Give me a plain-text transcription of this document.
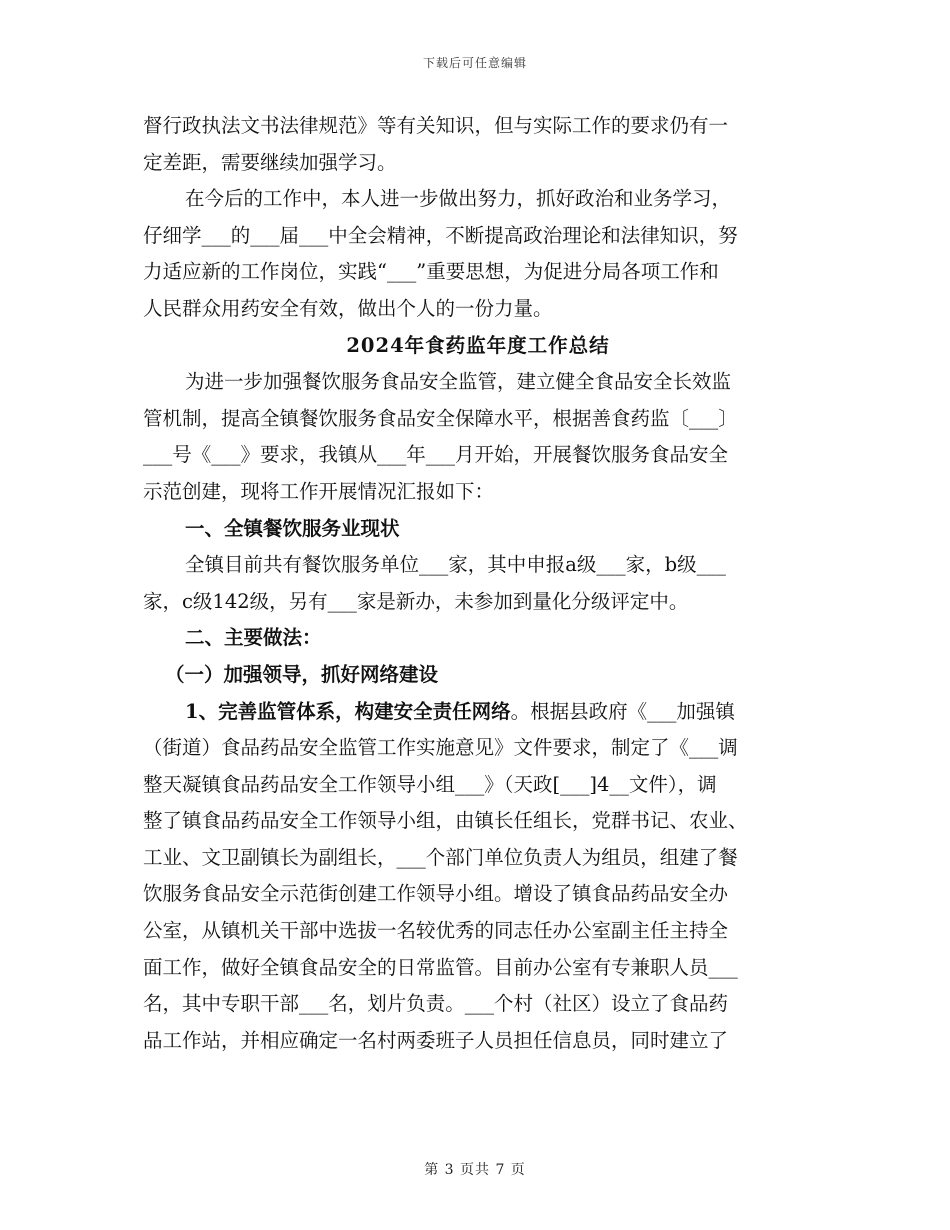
下载后可任意编辑
督行政执法文书法律规范》等有关知识，但与实际工作的要求仍有一
定差距，需要继续加强学习。
在今后的工作中，本人进一步做出努力，抓好政治和业务学习，
仔细学___的___届___中全会精神，不断提高政治理论和法律知识，努
力适应新的工作岗位，实践“___”重要思想，为促进分局各项工作和
人民群众用药安全有效，做出个人的一份力量。
2024年食药监年度工作总结
为进一步加强餐饮服务食品安全监管，建立健全食品安全长效监
管机制，提高全镇餐饮服务食品安全保障水平，根据善食药监〔___〕
___号《___》要求，我镇从___年___月开始，开展餐饮服务食品安全
示范创建，现将工作开展情况汇报如下：
一、全镇餐饮服务业现状
全镇目前共有餐饮服务单位___家，其中申报a级___家，b级___
家，c级142级，另有___家是新办，未参加到量化分级评定中。
二、主要做法：
（一）加强领导，抓好网络建设
1、完善监管体系，构建安全责任网络。根据县政府《___加强镇
（街道）食品药品安全监管工作实施意见》文件要求，制定了《___调
整天凝镇食品药品安全工作领导小组___》（天政[___]4__文件），调
整了镇食品药品安全工作领导小组，由镇长任组长，党群书记、农业、
工业、文卫副镇长为副组长，___个部门单位负责人为组员，组建了餐
饮服务食品安全示范街创建工作领导小组。增设了镇食品药品安全办
公室，从镇机关干部中选拔一名较优秀的同志任办公室副主任主持全
面工作，做好全镇食品安全的日常监管。目前办公室有专兼职人员___
名，其中专职干部___名，划片负责。___个村（社区）设立了食品药
品工作站，并相应确定一名村两委班子人员担任信息员，同时建立了
第 3 页共 7 页
